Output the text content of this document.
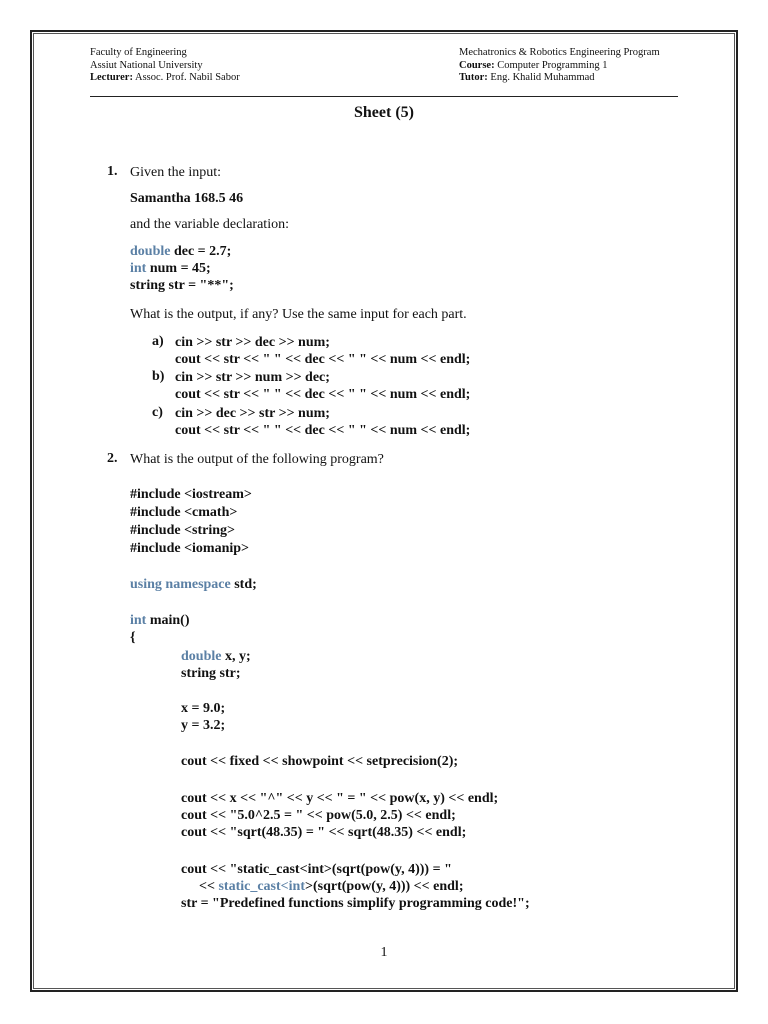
Faculty of Engineering
Assiut National University
Lecturer: Assoc. Prof. Nabil Sabor
Mechatronics & Robotics Engineering Program
Course: Computer Programming 1
Tutor: Eng. Khalid Muhammad
Sheet (5)
1. Given the input:
Samantha 168.5 46
and the variable declaration:
double dec = 2.7;
int num = 45;
string str = "**";
What is the output, if any? Use the same input for each part.
a) cin >> str >> dec >> num;
cout << str << " " << dec << " " << num << endl;
b) cin >> str >> num >> dec;
cout << str << " " << dec << " " << num << endl;
c) cin >> dec >> str >> num;
cout << str << " " << dec << " " << num << endl;
2. What is the output of the following program?
#include <iostream>
#include <cmath>
#include <string>
#include <iomanip>
using namespace std;
int main()
{
double x, y;
string str;
x = 9.0;
y = 3.2;
cout << fixed << showpoint << setprecision(2);
cout << x << "^" << y << " = " << pow(x, y) << endl;
cout << "5.0^2.5 = " << pow(5.0, 2.5) << endl;
cout << "sqrt(48.35) = " << sqrt(48.35) << endl;
cout << "static_cast<int>(sqrt(pow(y, 4))) = "
<< static_cast<int>(sqrt(pow(y, 4))) << endl;
str = "Predefined functions simplify programming code!";
1
